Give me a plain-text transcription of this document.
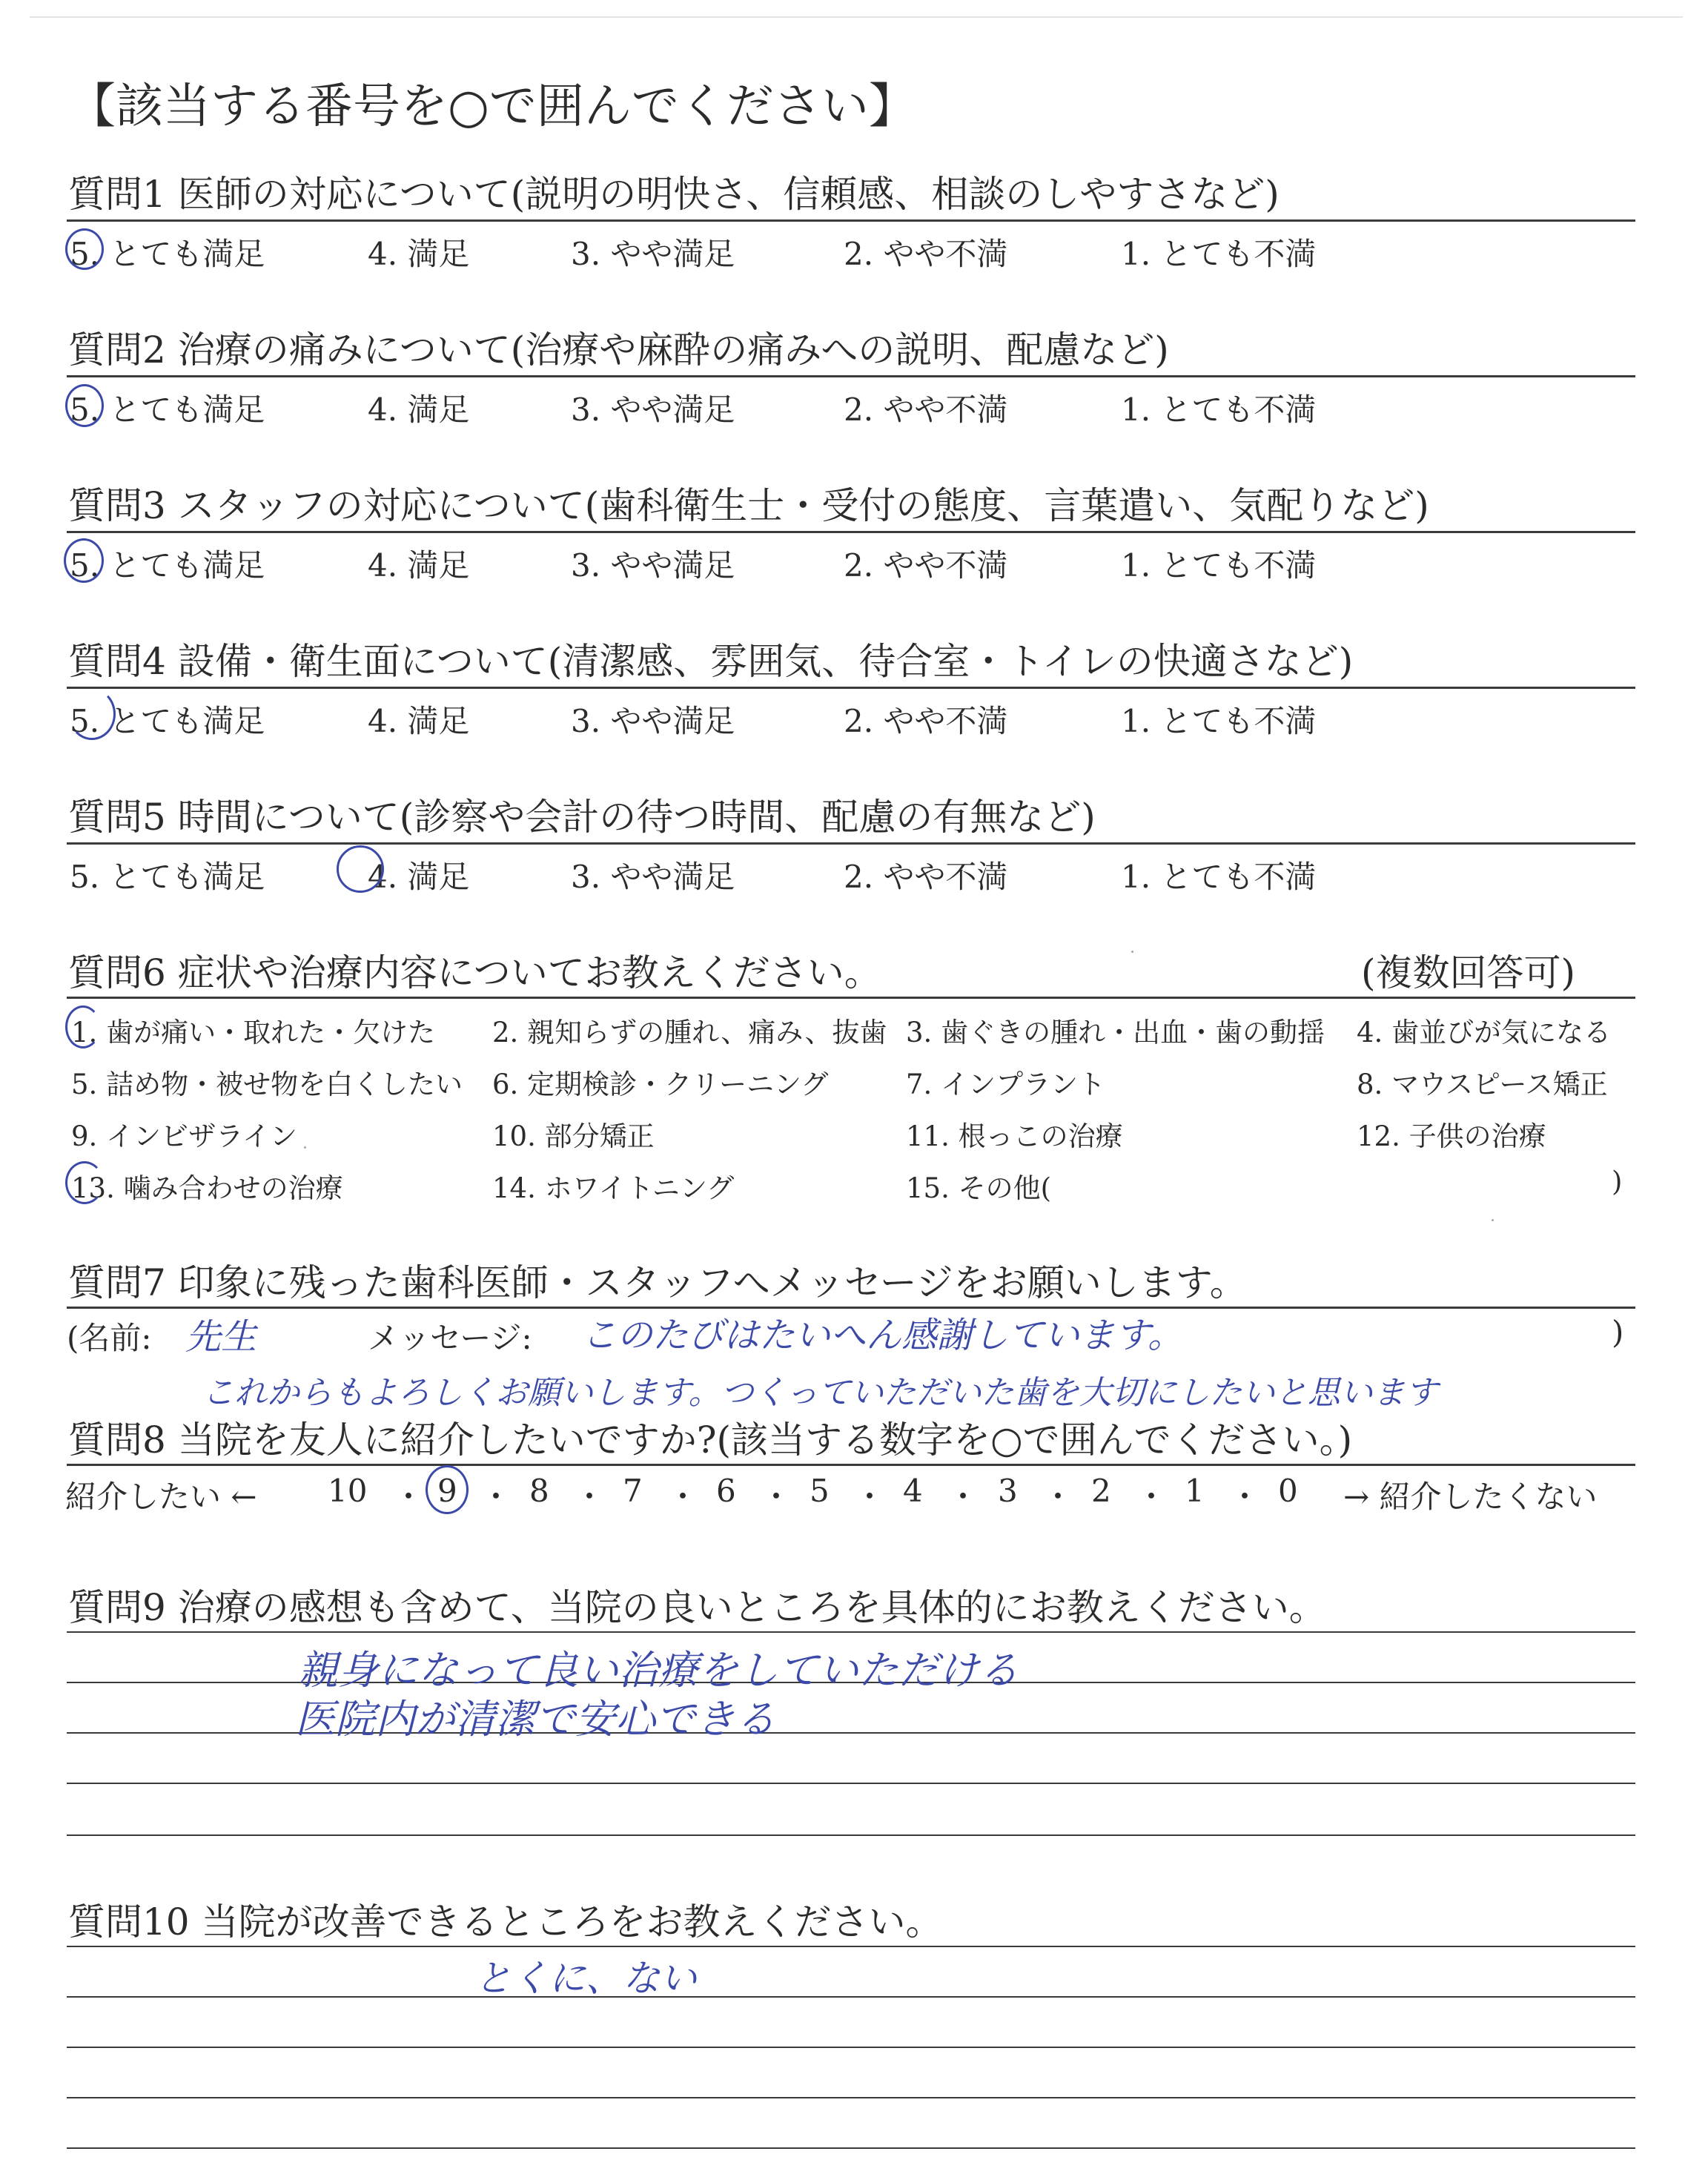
【該当する番号を○で囲んでください】
質問1 医師の対応について(説明の明快さ、信頼感、相談のしやすさなど)
5. とても満足	4. 満足	3. やや満足	2. やや不満	1. とても不満
質問2 治療の痛みについて(治療や麻酔の痛みへの説明、配慮など)
5. とても満足	4. 満足	3. やや満足	2. やや不満	1. とても不満
質問3 スタッフの対応について(歯科衛生士・受付の態度、言葉遣い、気配りなど)
5. とても満足	4. 満足	3. やや満足	2. やや不満	1. とても不満
質問4 設備・衛生面について(清潔感、雰囲気、待合室・トイレの快適さなど)
5. とても満足	4. 満足	3. やや満足	2. やや不満	1. とても不満
質問5 時間について(診察や会計の待つ時間、配慮の有無など)
5. とても満足	4. 満足	3. やや満足	2. やや不満	1. とても不満
質問6 症状や治療内容についてお教えください。	(複数回答可)
1. 歯が痛い・取れた・欠けた 2. 親知らずの腫れ、痛み、抜歯 3. 歯ぐきの腫れ・出血・歯の動揺 4. 歯並びが気になる
5. 詰め物・被せ物を白くしたい 6. 定期検診・クリーニング	7. インプラント	8. マウスピース矯正
9. インビザライン	10. 部分矯正	11. 根っこの治療	12. 子供の治療
13. 噛み合わせの治療	14. ホワイトニング	15. その他(	)
質問7 印象に残った歯科医師・スタッフへメッセージをお願いします。
(名前: 先生	メッセージ: このたびはたいへん感謝しています。	)
これからもよろしくお願いします。つくっていただいた歯を大切にしたいと思います
質問8 当院を友人に紹介したいですか?(該当する数字を○で囲んでください。)
紹介したい ← 10 ・ 9 ・ 8 ・ 7 ・ 6 ・ 5 ・ 4 ・ 3 ・ 2 ・ 1 ・ 0 → 紹介したくない
質問9 治療の感想も含めて、当院の良いところを具体的にお教えください。
親身になって良い治療をしていただける
医院内が清潔で安心できる
質問10 当院が改善できるところをお教えください。
とくに、ない
